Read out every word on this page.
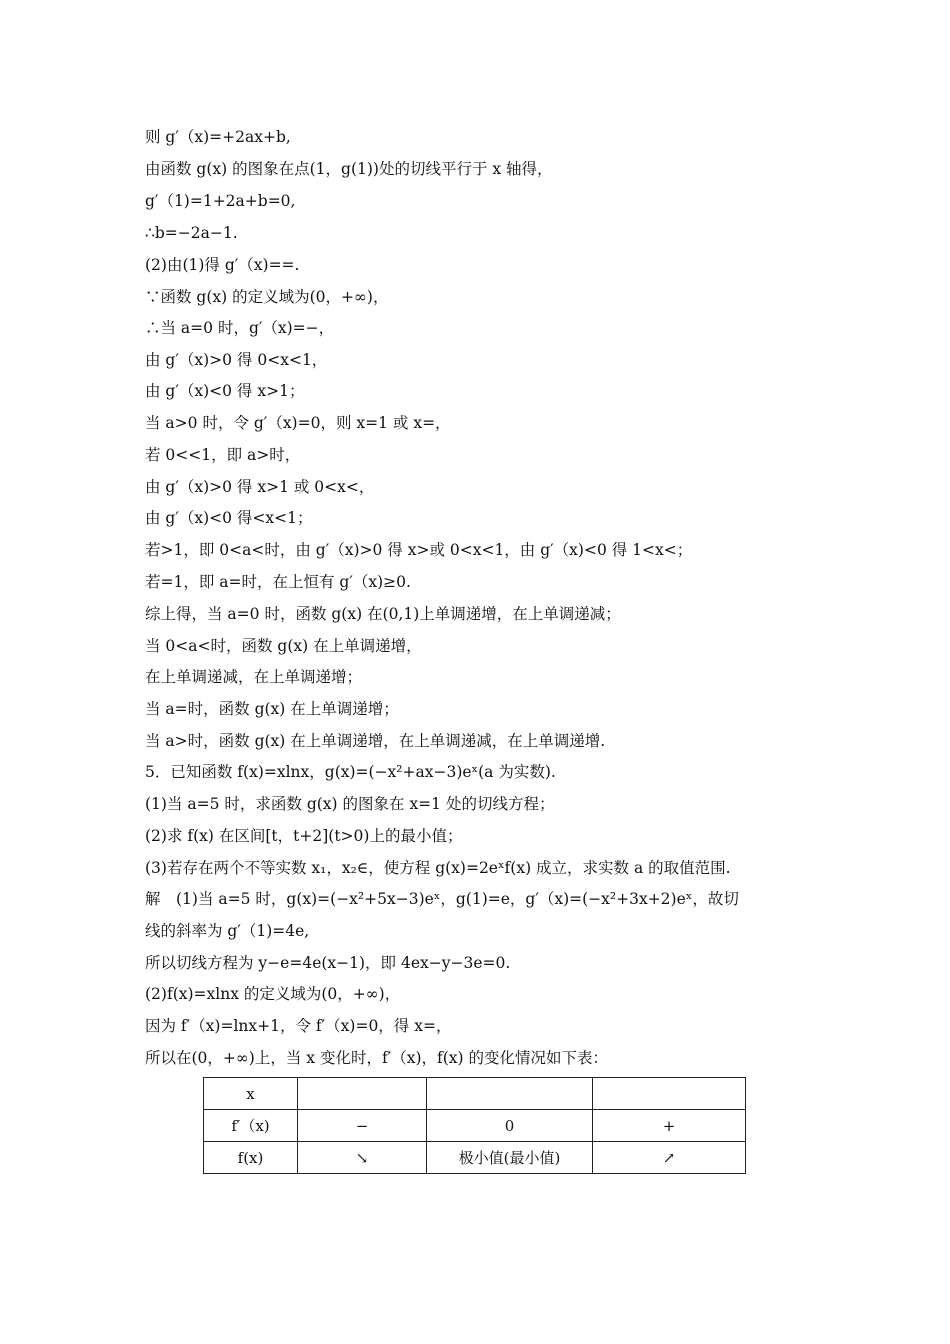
则 g′（x)=+2ax+b,
由函数 g(x) 的图象在点(1，g(1))处的切线平行于 x 轴得，
g′（1)=1+2a+b=0,
∴b=−2a−1.
(2)由(1)得 g′（x)==.
∵函数 g(x) 的定义域为(0，+∞)，
∴当 a=0 时，g′（x)=−，
由 g′（x)>0 得 0<x<1，
由 g′（x)<0 得 x>1；
当 a>0 时，令 g′（x)=0，则 x=1 或 x=，
若 0<<1，即 a>时，
由 g′（x)>0 得 x>1 或 0<x<，
由 g′（x)<0 得<x<1；
若>1，即 0<a<时，由 g′（x)>0 得 x>或 0<x<1，由 g′（x)<0 得 1<x<；
若=1，即 a=时，在上恒有 g′（x)≥0.
综上得，当 a=0 时，函数 g(x) 在(0,1)上单调递增，在上单调递减；
当 0<a<时，函数 g(x) 在上单调递增，
在上单调递减，在上单调递增；
当 a=时，函数 g(x) 在上单调递增；
当 a>时，函数 g(x) 在上单调递增，在上单调递减，在上单调递增.
5．已知函数 f(x)=xlnx，g(x)=(−x²+ax−3)eˣ(a 为实数).
(1)当 a=5 时，求函数 g(x) 的图象在 x=1 处的切线方程；
(2)求 f(x) 在区间[t，t+2](t>0)上的最小值；
(3)若存在两个不等实数 x₁，x₂∈，使方程 g(x)=2eˣf(x) 成立，求实数 a 的取值范围.
解　(1)当 a=5 时，g(x)=(−x²+5x−3)eˣ，g(1)=e，g′（x)=(−x²+3x+2)eˣ，故切
线的斜率为 g′（1)=4e,
所以切线方程为 y−e=4e(x−1)，即 4ex−y−3e=0.
(2)f(x)=xlnx 的定义域为(0，+∞)，
因为 f′（x)=lnx+1，令 f′（x)=0，得 x=，
所以在(0，+∞)上，当 x 变化时，f′（x)，f(x) 的变化情况如下表：
x			
f′（x)	−	0	+
f(x)	↘	极小值(最小值)	↗
